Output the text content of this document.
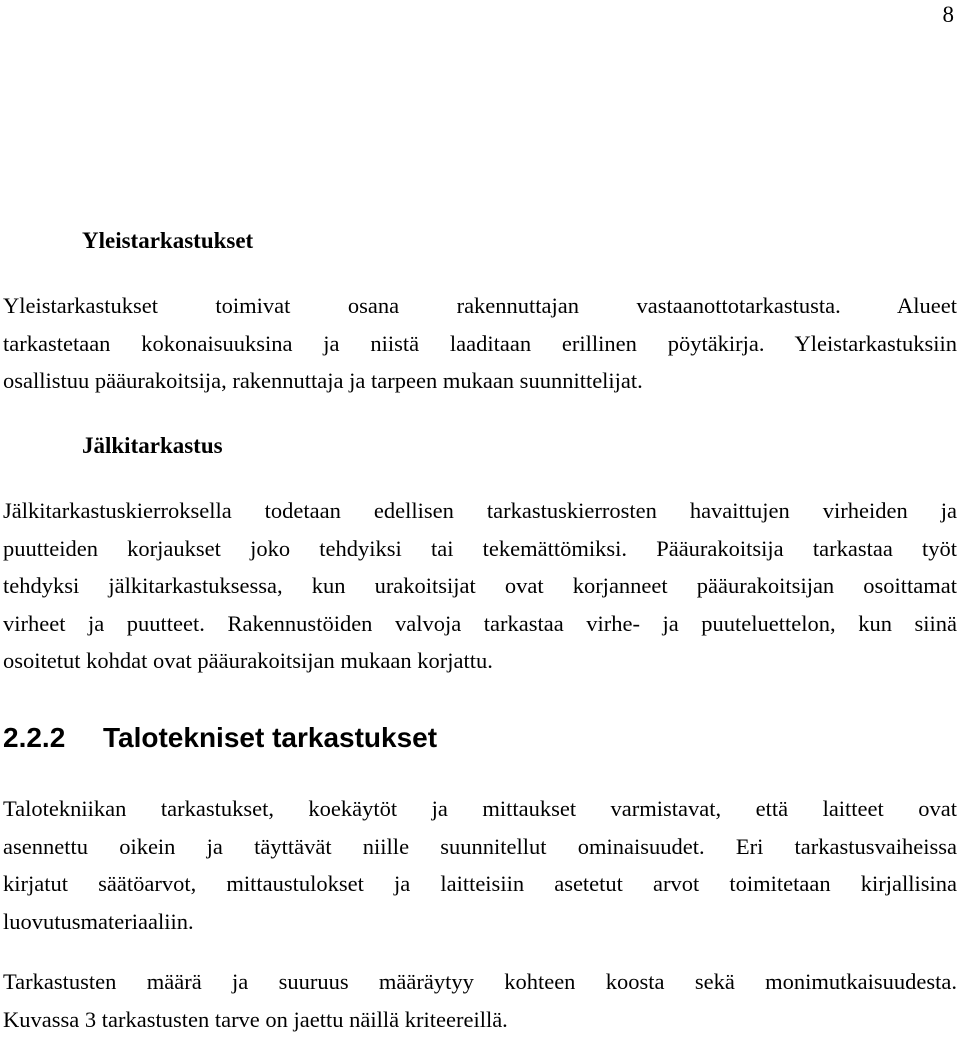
8
Yleistarkastukset
Yleistarkastukset toimivat osana rakennuttajan vastaanottotarkastusta. Alueet
tarkastetaan kokonaisuuksina ja niistä laaditaan erillinen pöytäkirja. Yleistarkastuksiin
osallistuu pääurakoitsija, rakennuttaja ja tarpeen mukaan suunnittelijat.
Jälkitarkastus
Jälkitarkastuskierroksella todetaan edellisen tarkastuskierrosten havaittujen virheiden ja
puutteiden korjaukset joko tehdyiksi tai tekemättömiksi. Pääurakoitsija tarkastaa työt
tehdyksi jälkitarkastuksessa, kun urakoitsijat ovat korjanneet pääurakoitsijan osoittamat
virheet ja puutteet. Rakennustöiden valvoja tarkastaa virhe- ja puuteluettelon, kun siinä
osoitetut kohdat ovat pääurakoitsijan mukaan korjattu.
2.2.2 Talotekniset tarkastukset
Talotekniikan tarkastukset, koekäytöt ja mittaukset varmistavat, että laitteet ovat
asennettu oikein ja täyttävät niille suunnitellut ominaisuudet. Eri tarkastusvaiheissa
kirjatut säätöarvot, mittaustulokset ja laitteisiin asetetut arvot toimitetaan kirjallisina
luovutusmateriaaliin.
Tarkastusten määrä ja suuruus määräytyy kohteen koosta sekä monimutkaisuudesta.
Kuvassa 3 tarkastusten tarve on jaettu näillä kriteereillä.
